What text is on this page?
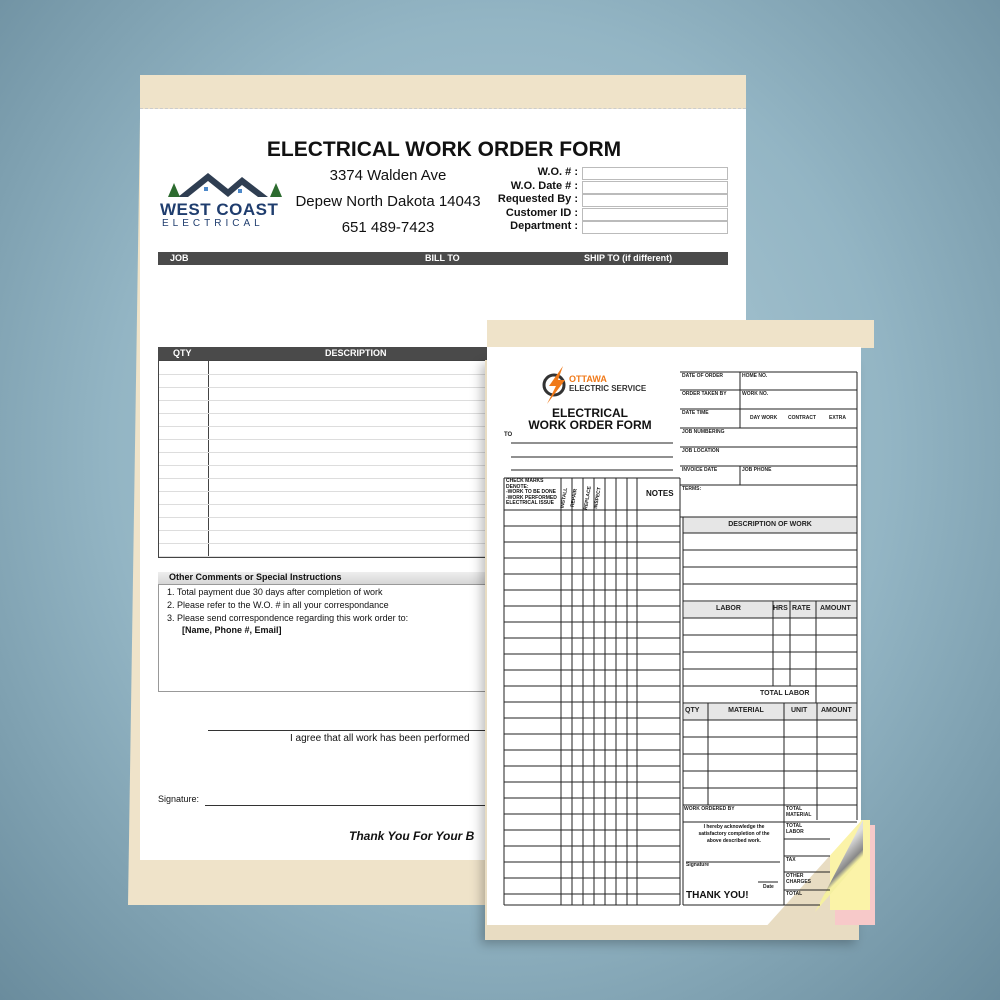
ELECTRICAL WORK ORDER FORM
WEST COAST
ELECTRICAL
3374 Walden Ave
Depew North Dakota 14043
651 489-7423
W.O. # :
W.O. Date # :
Requested By :
Customer ID :
Department :
JOB	BILL TO	SHIP TO (if different)
QTY	DESCRIPTION
Other Comments or Special Instructions
1. Total payment due 30 days after completion of work
2. Please refer to the W.O. # in all your correspondance
3. Please send correspondence regarding this work order to:
[Name, Phone #, Email]
I agree that all work has been performed
Signature:
Thank You For Your B
OTTAWA
ELECTRIC SERVICE
ELECTRICAL
WORK ORDER FORM
TO
CHECK MARKS
DENOTE:
-WORK TO BE DONE
-WORK PERFORMED
ELECTRICAL ISSUE	INSTALL REPAIR REPLACE INSPECT	NOTES
DATE OF ORDER	HOME NO.
ORDER TAKEN BY	WORK NO.
DATE TIME
DAY WORK CONTRACT	EXTRA
JOB NUMBERING
JOB LOCATION
INVOICE DATE	JOB PHONE
TERMS:
DESCRIPTION OF WORK
LABOR	HRS RATE AMOUNT
TOTAL LABOR
QTY	MATERIAL	UNIT AMOUNT
WORK ORDERED BY
I hereby acknowledge the
satisfactory completion of the
above described work.
Signature
Date
THANK YOU!
TOTAL MATERIAL
TOTAL LABOR
TAX
OTHER CHARGES
TOTAL
